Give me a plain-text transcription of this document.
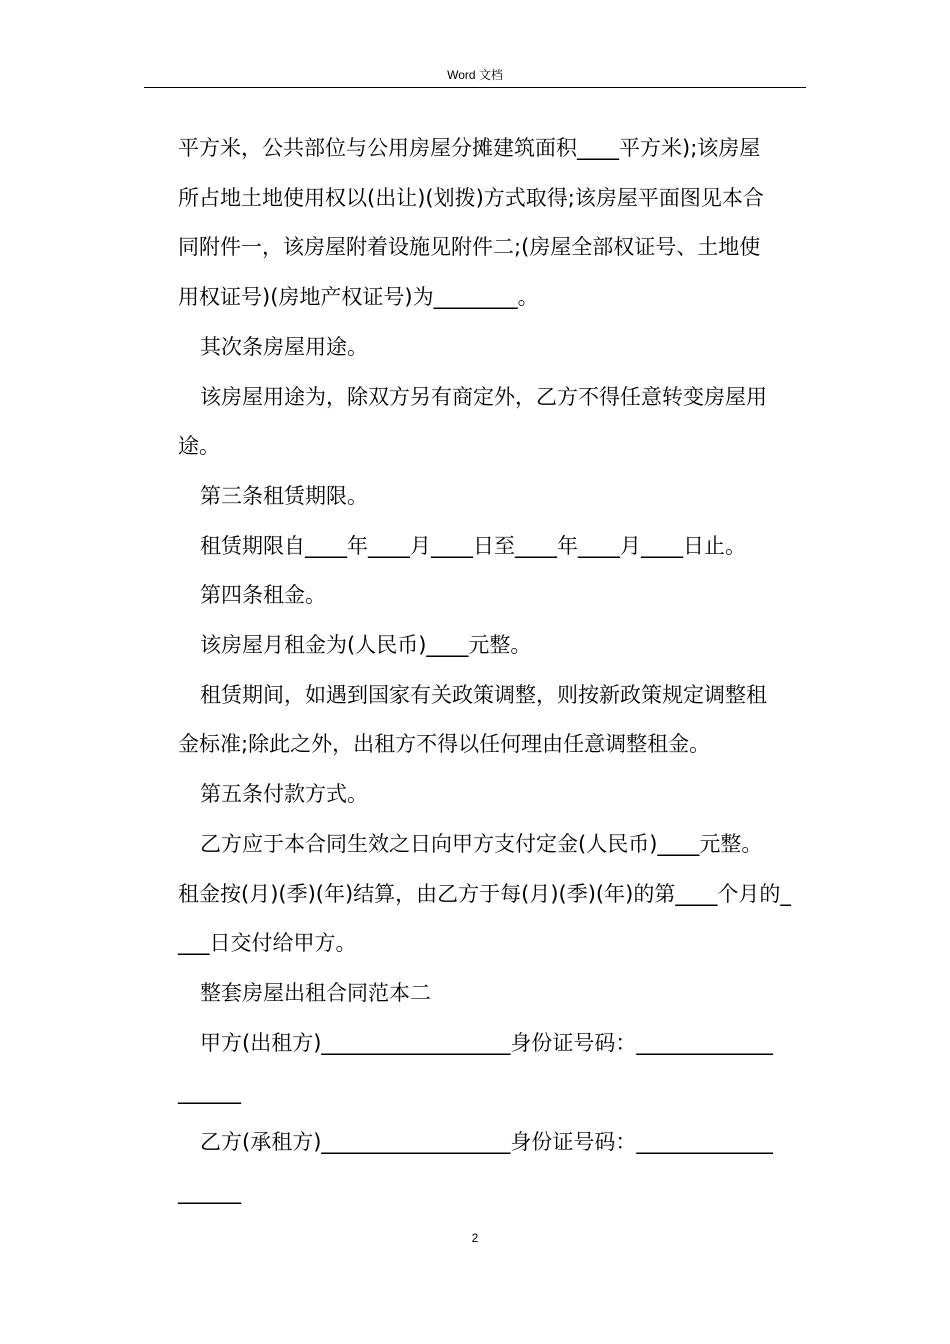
Word 文档

平方米，公共部位与公用房屋分摊建筑面积____平方米);该房屋

所占地土地使用权以(出让)(划拨)方式取得;该房屋平面图见本合

同附件一，该房屋附着设施见附件二;(房屋全部权证号、土地使

用权证号)(房地产权证号)为________。

其次条房屋用途。

该房屋用途为，除双方另有商定外，乙方不得任意转变房屋用

途。

第三条租赁期限。

租赁期限自____年____月____日至____年____月____日止。

第四条租金。

该房屋月租金为(人民币)____元整。

租赁期间，如遇到国家有关政策调整，则按新政策规定调整租

金标准;除此之外，出租方不得以任何理由任意调整租金。

第五条付款方式。

乙方应于本合同生效之日向甲方支付定金(人民币)____元整。

租金按(月)(季)(年)结算，由乙方于每(月)(季)(年)的第____个月的_

___日交付给甲方。

整套房屋出租合同范本二

甲方(出租方)__________________身份证号码：_____________

______

乙方(承租方)__________________身份证号码：_____________

______

2
